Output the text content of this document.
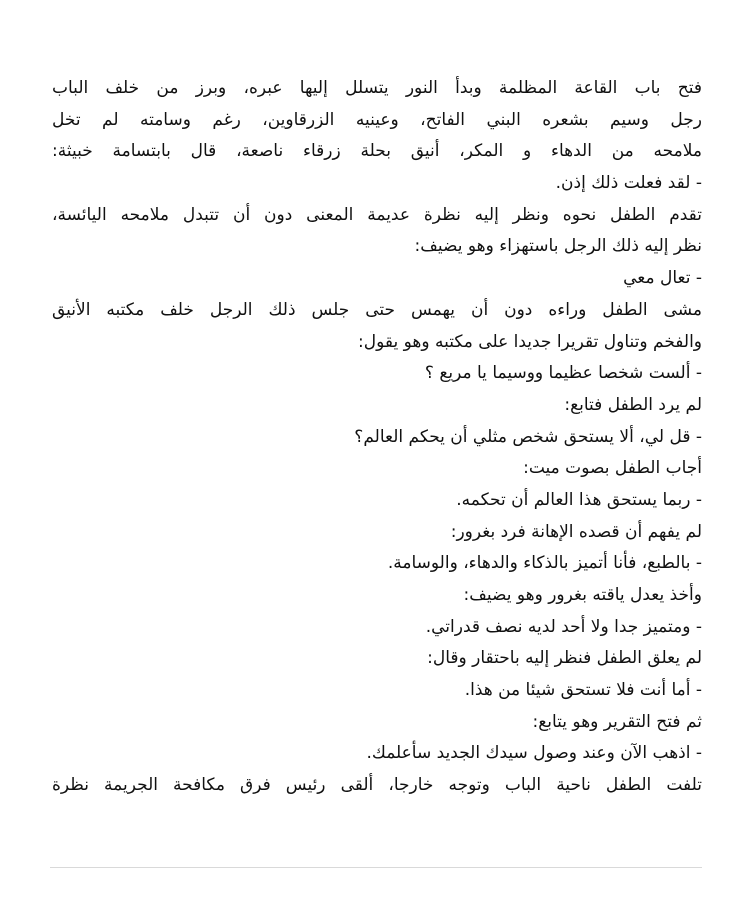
فتح باب القاعة المظلمة وبدأ النور يتسلل إليها عبره، وبرز من خلف الباب
رجل وسيم بشعره البني الفاتح، وعينيه الزرقاوين، رغم وسامته لم تخل
ملامحه من الدهاء و المكر، أنيق بحلة زرقاء ناصعة، قال بابتسامة خبيثة:
- لقد فعلت ذلك إذن.
تقدم الطفل نحوه ونظر إليه نظرة عديمة المعنى دون أن تتبدل ملامحه اليائسة،
نظر إليه ذلك الرجل باستهزاء وهو يضيف:
- تعال معي
مشى الطفل وراءه دون أن يهمس حتى جلس ذلك الرجل خلف مكتبه الأنيق
والفخم وتناول تقريرا جديدا على مكتبه وهو يقول:
- ألست شخصا عظيما ووسيما يا مريع ؟
لم يرد الطفل فتابع:
- قل لي، ألا يستحق شخص مثلي أن يحكم العالم؟
أجاب الطفل بصوت ميت:
- ربما يستحق هذا العالم أن تحكمه.
لم يفهم أن قصده الإهانة فرد بغرور:
- بالطبع، فأنا أتميز بالذكاء والدهاء، والوسامة.
وأخذ يعدل ياقته بغرور وهو يضيف:
- ومتميز جدا ولا أحد لديه نصف قدراتي.
لم يعلق الطفل فنظر إليه باحتقار وقال:
- أما أنت فلا تستحق شيئا من هذا.
ثم فتح التقرير وهو يتابع:
- اذهب الآن وعند وصول سيدك الجديد سأعلمك.
تلفت الطفل ناحية الباب وتوجه خارجا، ألقى رئيس فرق مكافحة الجريمة نظرة
